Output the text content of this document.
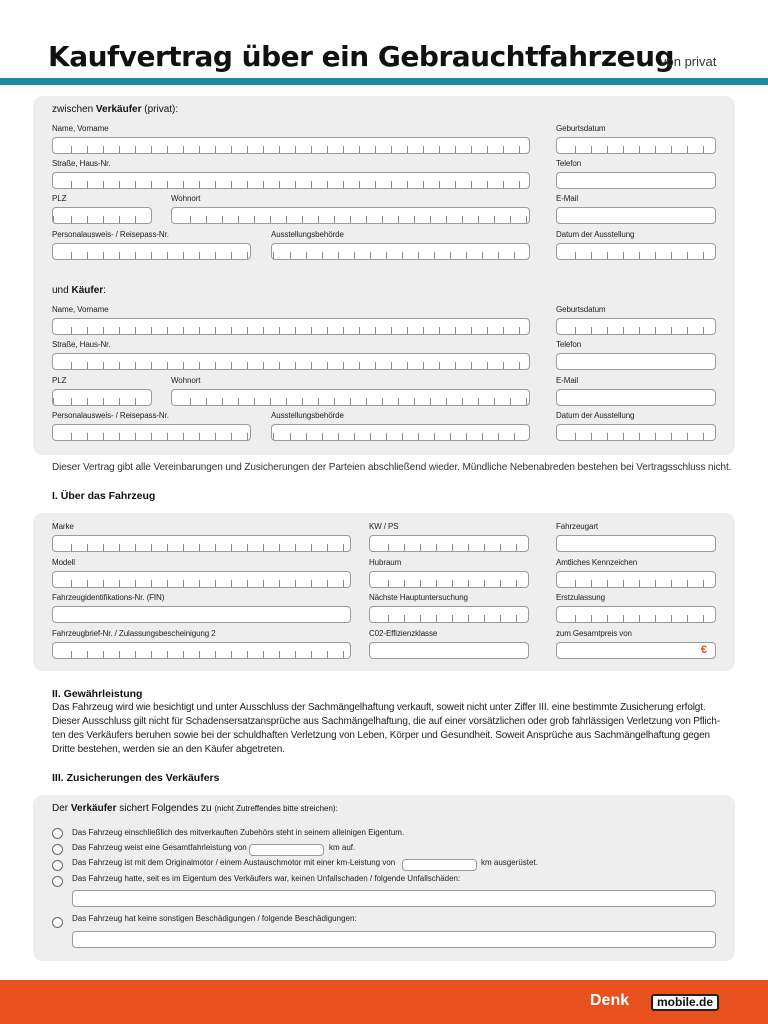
Kaufvertrag über ein Gebrauchtfahrzeug
von privat
zwischen Verkäufer (privat):
Name, Vorname	Geburtsdatum
Straße, Haus-Nr.	Telefon
PLZ	Wohnort	E-Mail
Personalausweis- / Reisepass-Nr.	Ausstellungsbehörde	Datum der Ausstellung
und Käufer:
Name, Vorname	Geburtsdatum
Straße, Haus-Nr.	Telefon
PLZ	Wohnort	E-Mail
Personalausweis- / Reisepass-Nr.	Ausstellungsbehörde	Datum der Ausstellung
Dieser Vertrag gibt alle Vereinbarungen und Zusicherungen der Parteien abschließend wieder. Mündliche Nebenabreden bestehen bei Vertragsschluss nicht.
I. Über das Fahrzeug
Marke	KW / PS	Fahrzeugart
Modell	Hubraum	Amtliches Kennzeichen
Fahrzeugidentifikations-Nr. (FIN)	Nächste Hauptuntersuchung	Erstzulassung
Fahrzeugbrief-Nr. / Zulassungsbescheinigung 2	C02-Effizienzklasse	zum Gesamtpreis von
€
II. Gewährleistung
Das Fahrzeug wird wie besichtigt und unter Ausschluss der Sachmängelhaftung verkauft, soweit nicht unter Ziffer III. eine bestimmte Zusicherung erfolgt.
Dieser Ausschluss gilt nicht für Schadensersatzansprüche aus Sachmängelhaftung, die auf einer vorsätzlichen oder grob fahrlässigen Verletzung von Pflich-
ten des Verkäufers beruhen sowie bei der schuldhaften Verletzung von Leben, Körper und Gesundheit. Soweit Ansprüche aus Sachmängelhaftung gegen
Dritte bestehen, werden sie an den Käufer abgetreten.
III. Zusicherungen des Verkäufers
Der Verkäufer sichert Folgendes zu (nicht Zutreffendes bitte streichen):
Das Fahrzeug einschließlich des mitverkauften Zubehörs steht in seinem alleinigen Eigentum.
Das Fahrzeug weist eine Gesamtfahrleistung von	km auf.
Das Fahrzeug ist mit dem Originalmotor / einem Austauschmotor mit einer km-Leistung von	km ausgerüstet.
Das Fahrzeug hatte, seit es im Eigentum des Verkäufers war, keinen Unfallschaden / folgende Unfallschäden:
Das Fahrzeug hat keine sonstigen Beschädigungen / folgende Beschädigungen:
Denk	mobile.de
